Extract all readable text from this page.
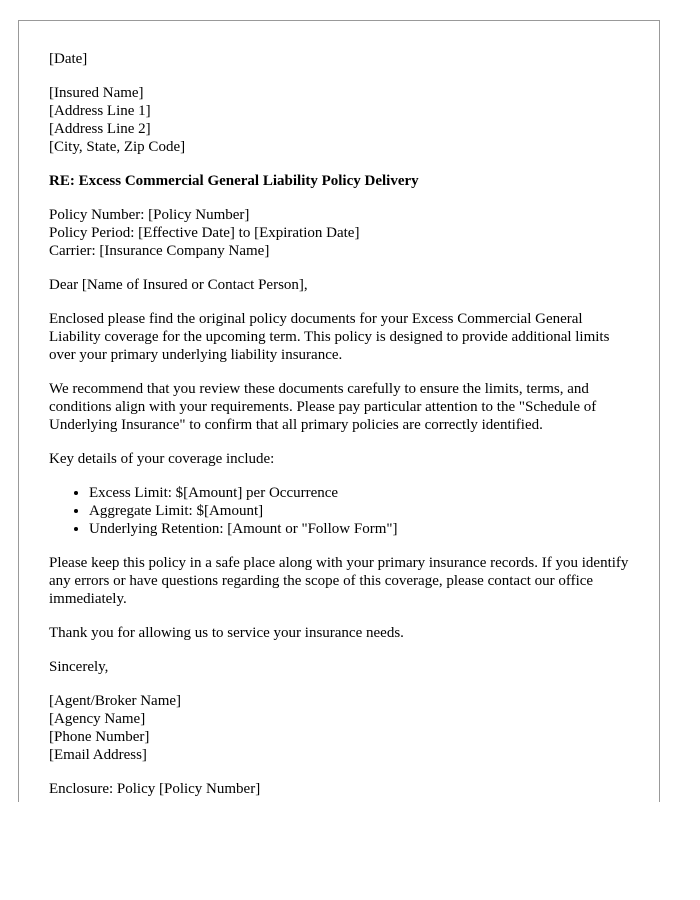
[Date]
[Insured Name]
[Address Line 1]
[Address Line 2]
[City, State, Zip Code]
RE: Excess Commercial General Liability Policy Delivery
Policy Number: [Policy Number]
Policy Period: [Effective Date] to [Expiration Date]
Carrier: [Insurance Company Name]
Dear [Name of Insured or Contact Person],
Enclosed please find the original policy documents for your Excess Commercial General Liability coverage for the upcoming term. This policy is designed to provide additional limits over your primary underlying liability insurance.
We recommend that you review these documents carefully to ensure the limits, terms, and conditions align with your requirements. Please pay particular attention to the "Schedule of Underlying Insurance" to confirm that all primary policies are correctly identified.
Key details of your coverage include:
• Excess Limit: $[Amount] per Occurrence
• Aggregate Limit: $[Amount]
• Underlying Retention: [Amount or "Follow Form"]
Please keep this policy in a safe place along with your primary insurance records. If you identify any errors or have questions regarding the scope of this coverage, please contact our office immediately.
Thank you for allowing us to service your insurance needs.
Sincerely,
[Agent/Broker Name]
[Agency Name]
[Phone Number]
[Email Address]
Enclosure: Policy [Policy Number]
